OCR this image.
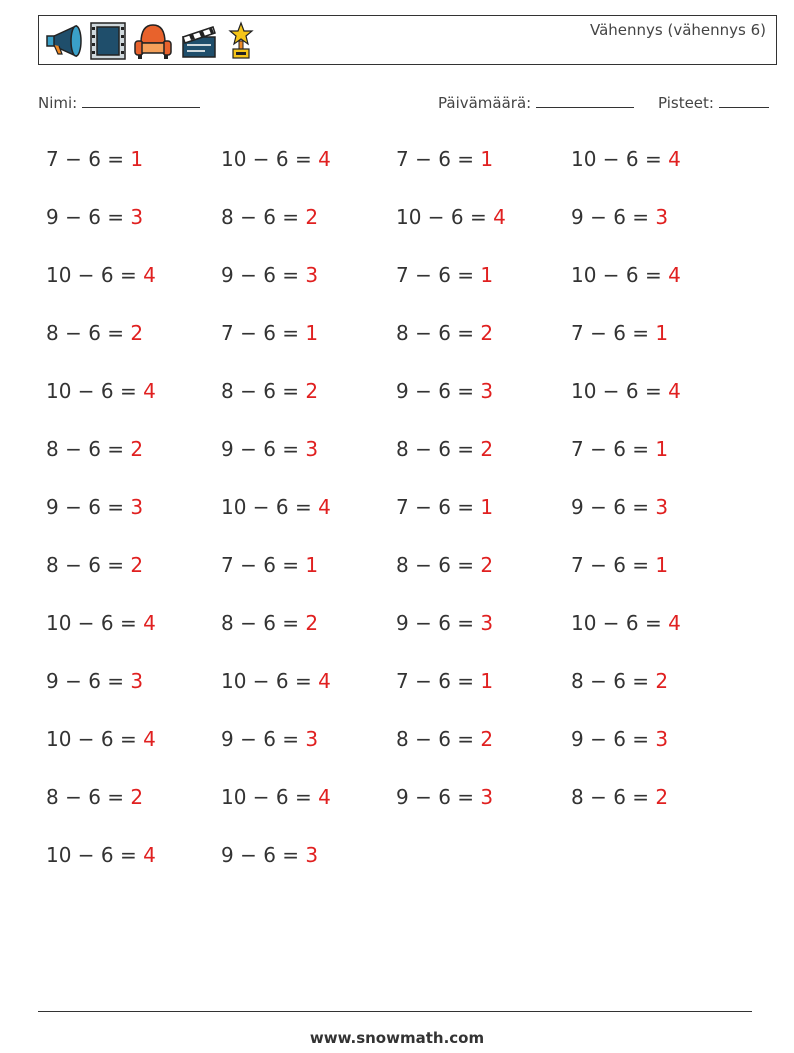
Vähennys (vähennys 6)
Nimi:	Päivämäärä:	Pisteet:
7 − 6 = 1	10 − 6 = 4	7 − 6 = 1	10 − 6 = 4
9 − 6 = 3	8 − 6 = 2	10 − 6 = 4	9 − 6 = 3
10 − 6 = 4	9 − 6 = 3	7 − 6 = 1	10 − 6 = 4
8 − 6 = 2	7 − 6 = 1	8 − 6 = 2	7 − 6 = 1
10 − 6 = 4	8 − 6 = 2	9 − 6 = 3	10 − 6 = 4
8 − 6 = 2	9 − 6 = 3	8 − 6 = 2	7 − 6 = 1
9 − 6 = 3	10 − 6 = 4	7 − 6 = 1	9 − 6 = 3
8 − 6 = 2	7 − 6 = 1	8 − 6 = 2	7 − 6 = 1
10 − 6 = 4	8 − 6 = 2	9 − 6 = 3	10 − 6 = 4
9 − 6 = 3	10 − 6 = 4	7 − 6 = 1	8 − 6 = 2
10 − 6 = 4	9 − 6 = 3	8 − 6 = 2	9 − 6 = 3
8 − 6 = 2	10 − 6 = 4	9 − 6 = 3	8 − 6 = 2
10 − 6 = 4	9 − 6 = 3
www.snowmath.com
